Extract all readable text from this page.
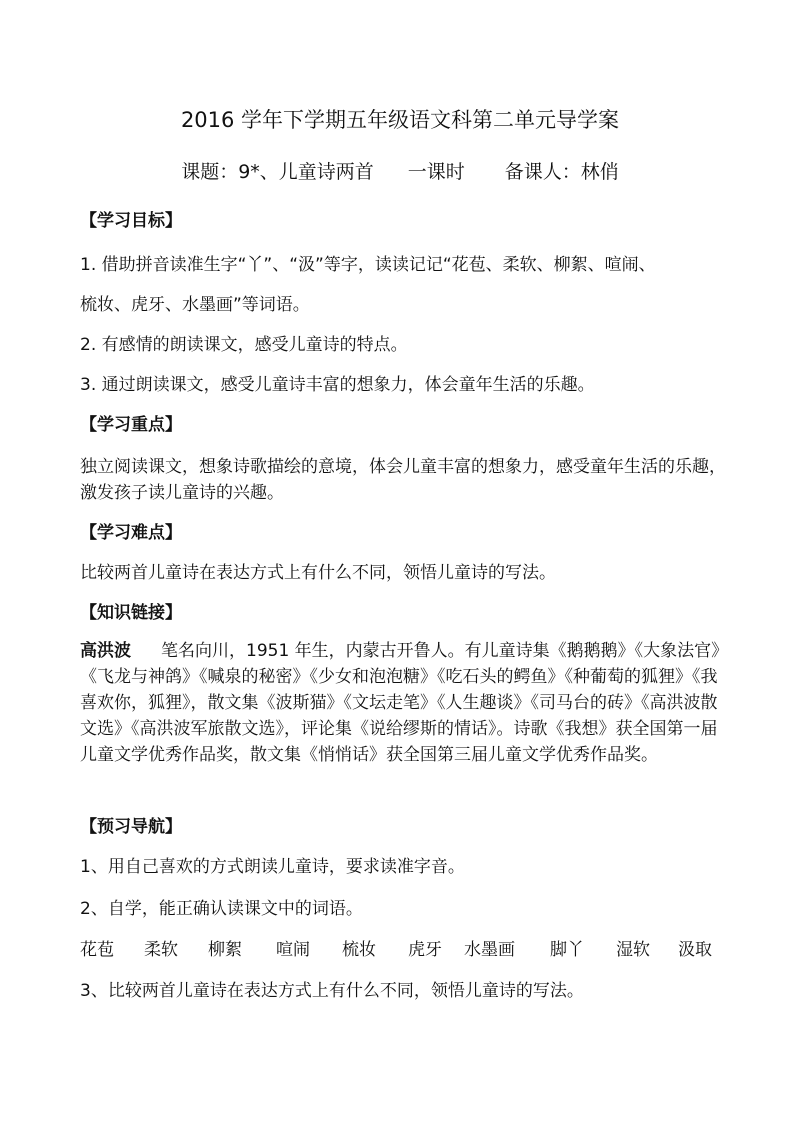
2016 学年下学期五年级语文科第二单元导学案
课题：9*、儿童诗两首 一课时 备课人：林俏
【学习目标】
1. 借助拼音读准生字“丫”、“汲”等字，读读记记“花苞、柔软、柳絮、喧闹、
梳妆、虎牙、水墨画”等词语。
2. 有感情的朗读课文，感受儿童诗的特点。
3. 通过朗读课文，感受儿童诗丰富的想象力，体会童年生活的乐趣。
【学习重点】
独立阅读课文，想象诗歌描绘的意境，体会儿童丰富的想象力，感受童年生活的乐趣，激发孩子读儿童诗的兴趣。
【学习难点】
比较两首儿童诗在表达方式上有什么不同，领悟儿童诗的写法。
【知识链接】
高洪波 笔名向川，1951 年生，内蒙古开鲁人。有儿童诗集《鹅鹅鹅》《大象法官》《飞龙与神鸽》《喊泉的秘密》《少女和泡泡糖》《吃石头的鳄鱼》《种葡萄的狐狸》《我喜欢你，狐狸》，散文集《波斯猫》《文坛走笔》《人生趣谈》《司马台的砖》《高洪波散文选》《高洪波军旅散文选》，评论集《说给缪斯的情话》。诗歌《我想》获全国第一届儿童文学优秀作品奖，散文集《悄悄话》获全国第三届儿童文学优秀作品奖。
【预习导航】
1、用自己喜欢的方式朗读儿童诗，要求读准字音。
2、自学，能正确认读课文中的词语。
花苞 柔软 柳絮 喧闹 梳妆 虎牙 水墨画 脚丫 湿软 汲取
3、比较两首儿童诗在表达方式上有什么不同，领悟儿童诗的写法。
